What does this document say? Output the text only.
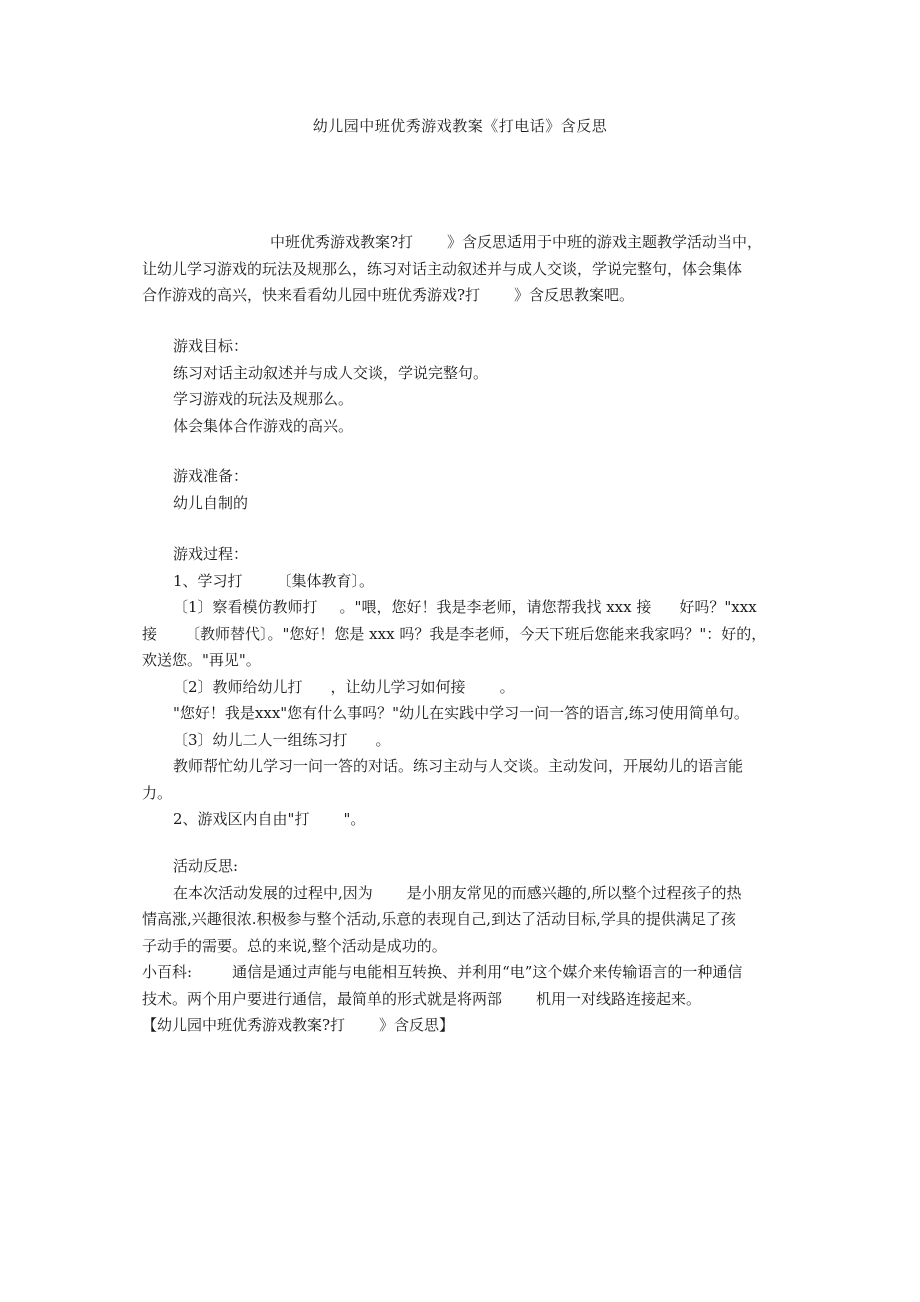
幼儿园中班优秀游戏教案《打电话》含反思
中班优秀游戏教案?打 》含反思适用于中班的游戏主题教学活动当中，
让幼儿学习游戏的玩法及规那么，练习对话主动叙述并与成人交谈，学说完整句，体会集体
合作游戏的高兴，快来看看幼儿园中班优秀游戏?打 》含反思教案吧。
游戏目标：
练习对话主动叙述并与成人交谈，学说完整句。
学习游戏的玩法及规那么。
体会集体合作游戏的高兴。
游戏准备：
幼儿自制的
游戏过程：
1、学习打 〔集体教育〕。
〔1〕察看模仿教师打 。"喂，您好！我是李老师，请您帮我找 xxx 接 好吗？"xxx
接 〔教师替代〕。"您好！您是 xxx 吗？我是李老师，今天下班后您能来我家吗？"：好的，
欢送您。"再见"。
〔2〕教师给幼儿打 ，让幼儿学习如何接 。
"您好！我是xxx"您有什么事吗？"幼儿在实践中学习一问一答的语言,练习使用简单句。
〔3〕幼儿二人一组练习打 。
教师帮忙幼儿学习一问一答的对话。练习主动与人交谈。主动发问，开展幼儿的语言能
力。
2、游戏区内自由"打 "。
活动反思:
在本次活动发展的过程中,因为 是小朋友常见的而感兴趣的,所以整个过程孩子的热
情高涨,兴趣很浓.积极参与整个活动,乐意的表现自己,到达了活动目标,学具的提供满足了孩
子动手的需要。总的来说,整个活动是成功的。
小百科:	通信是通过声能与电能相互转换、并利用“电”这个媒介来传输语言的一种通信
技术。两个用户要进行通信，最简单的形式就是将两部 机用一对线路连接起来。
【幼儿园中班优秀游戏教案?打 》含反思】
